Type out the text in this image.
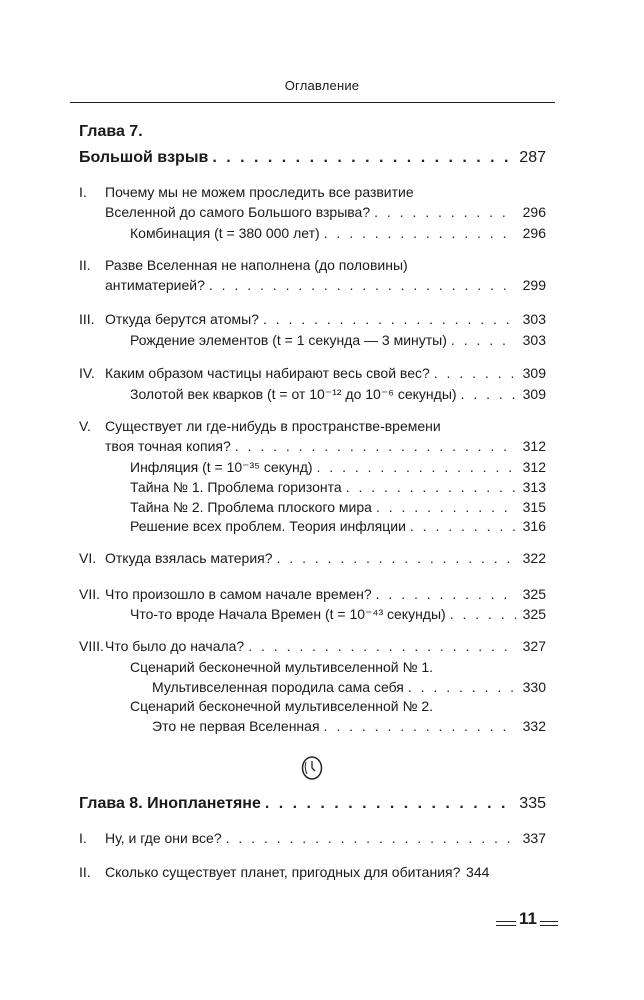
Оглавление
Глава 7.
Большой взрыв . . .	287
I.	Почему мы не можем проследить все развитие
Вселенной до самого Большого взрыва? . . .	296
Комбинация (t = 380 000 лет) . . .	296
II.	Разве Вселенная не наполнена (до половины)
антиматерией? . . .	299
III. Откуда берутся атомы? . . .	303
Рождение элементов (t = 1 секунда — 3 минуты) . . .	303
IV. Каким образом частицы набирают весь свой вес? . . .	309
Золотой век кварков (t = от 10⁻¹² до 10⁻⁶ секунды) . . .	309
V.	Существует ли где-нибудь в пространстве-времени
твоя точная копия? . . .	312
Инфляция (t = 10⁻³⁵ секунд) . . .	312
Тайна № 1. Проблема горизонта . . .	313
Тайна № 2. Проблема плоского мира . . .	315
Решение всех проблем. Теория инфляции . . .	316
VI. Откуда взялась материя? . . .	322
VII. Что произошло в самом начале времен? . . .	325
Что-то вроде Начала Времен (t = 10⁻⁴³ секунды) . . .	325
VIII. Что было до начала? . . .	327
Сценарий бесконечной мультивселенной № 1.
Мультивселенная породила сама себя . . .	330
Сценарий бесконечной мультивселенной № 2.
Это не первая Вселенная . . .	332
Глава 8. Инопланетяне . . .	335
I.	Ну, и где они все? . . .	337
II.	Сколько существует планет, пригодных для обитания? 344
11
